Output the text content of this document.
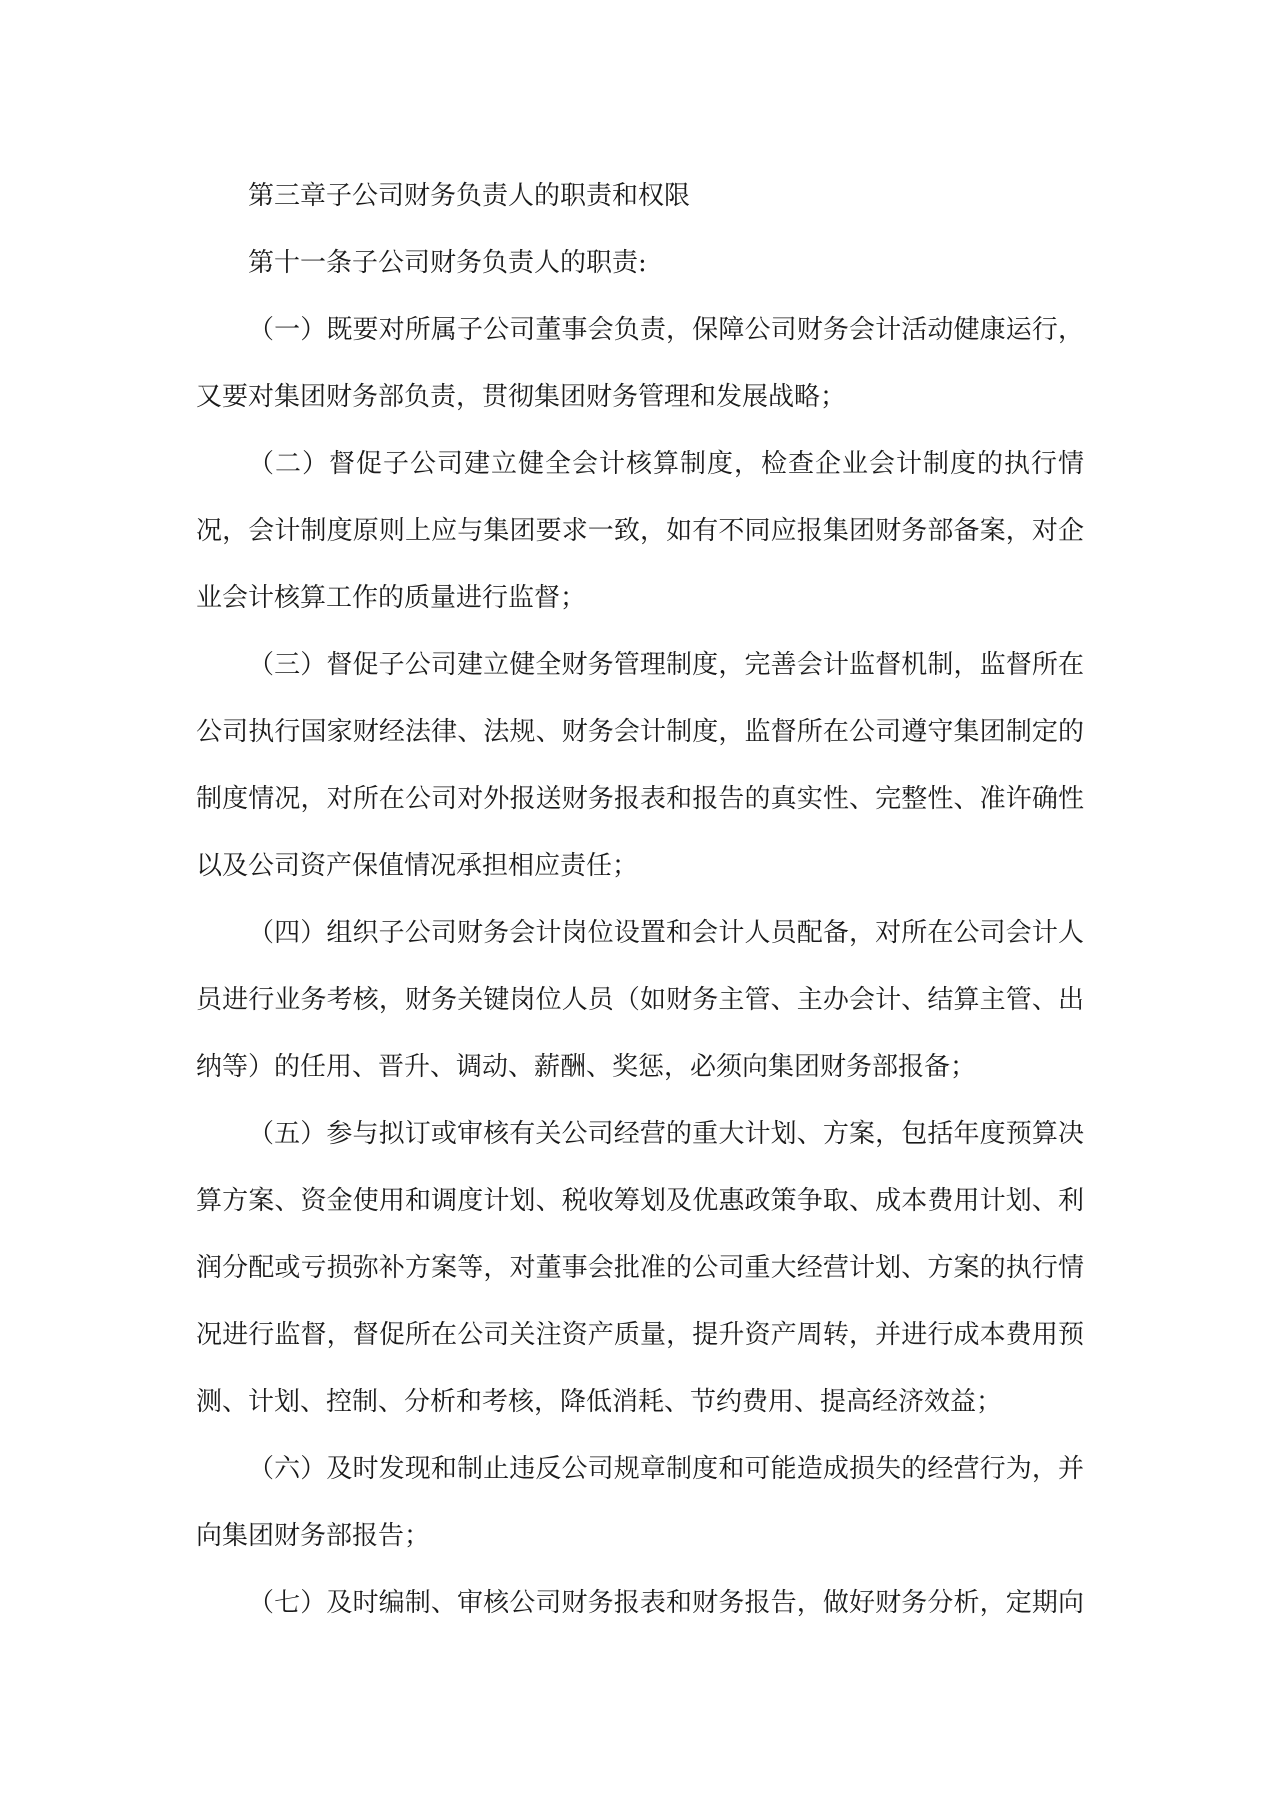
第三章子公司财务负责人的职责和权限

第十一条子公司财务负责人的职责:

（一）既要对所属子公司董事会负责，保障公司财务会计活动健康运行，

又要对集团财务部负责，贯彻集团财务管理和发展战略；

（二）督促子公司建立健全会计核算制度，检查企业会计制度的执行情

况，会计制度原则上应与集团要求一致，如有不同应报集团财务部备案，对企

业会计核算工作的质量进行监督；

（三）督促子公司建立健全财务管理制度，完善会计监督机制，监督所在

公司执行国家财经法律、法规、财务会计制度，监督所在公司遵守集团制定的

制度情况，对所在公司对外报送财务报表和报告的真实性、完整性、准许确性

以及公司资产保值情况承担相应责任；

（四）组织子公司财务会计岗位设置和会计人员配备，对所在公司会计人

员进行业务考核，财务关键岗位人员（如财务主管、主办会计、结算主管、出

纳等）的任用、晋升、调动、薪酬、奖惩，必须向集团财务部报备；

（五）参与拟订或审核有关公司经营的重大计划、方案，包括年度预算决

算方案、资金使用和调度计划、税收筹划及优惠政策争取、成本费用计划、利

润分配或亏损弥补方案等，对董事会批准的公司重大经营计划、方案的执行情

况进行监督，督促所在公司关注资产质量，提升资产周转，并进行成本费用预

测、计划、控制、分析和考核，降低消耗、节约费用、提高经济效益；

（六）及时发现和制止违反公司规章制度和可能造成损失的经营行为，并

向集团财务部报告；

（七）及时编制、审核公司财务报表和财务报告，做好财务分析，定期向
